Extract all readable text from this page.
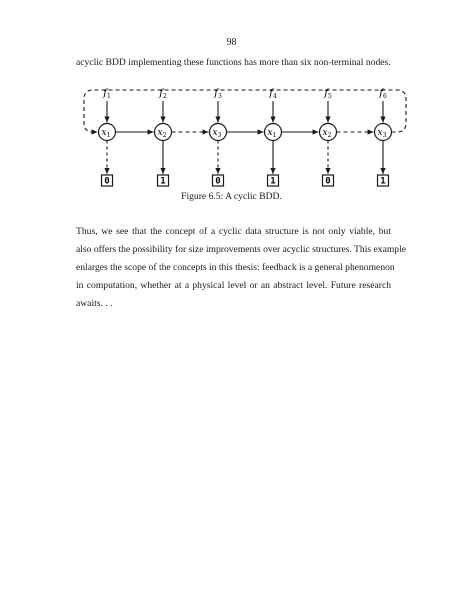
98
acyclic BDD implementing these functions has more than six non-terminal nodes.
$f_1$
$x_1$
0
$f_2$
$x_2$
1
$f_3$
$x_3$
0
$f_4$
$x_1$
1
$f_5$
$x_2$
0
$f_6$
$x_3$
1
Figure 6.5: A cyclic BDD.
Thus, we see that the concept of a cyclic data structure is not only viable, but
also offers the possibility for size improvements over acyclic structures. This example
enlarges the scope of the concepts in this thesis: feedback is a general phenomenon
in computation, whether at a physical level or an abstract level. Future research
awaits. . .
